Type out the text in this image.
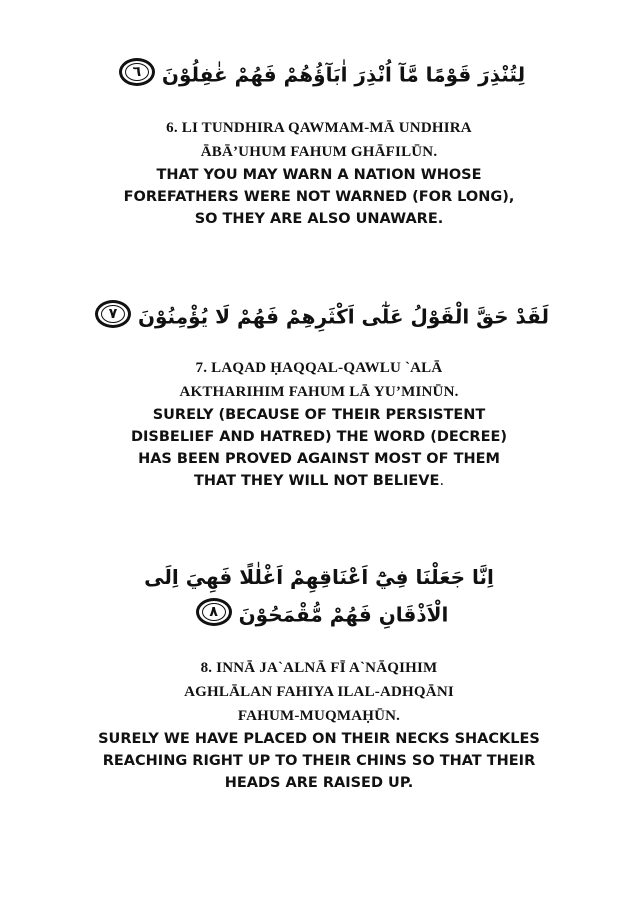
لِتُنْذِرَ قَوْمًا مَّآ اُنْذِرَ اٰبَآؤُهُمْ فَهُمْ غٰفِلُوْنَ ٦

6. LI TUNDHIRA QAWMAM-MĀ UNDHIRA

ĀBĀ’UHUM FAHUM GHĀFILŪN.

THAT YOU MAY WARN A NATION WHOSE

FOREFATHERS WERE NOT WARNED (FOR LONG),

SO THEY ARE ALSO UNAWARE.

لَقَدْ حَقَّ الْقَوْلُ عَلٰٓى اَكْثَرِهِمْ فَهُمْ لَا يُؤْمِنُوْنَ ٧

7. LAQAD ḤAQQAL-QAWLU `ALĀ

AKTHARIHIM FAHUM LĀ YU’MINŪN.

SURELY (BECAUSE OF THEIR PERSISTENT

DISBELIEF AND HATRED) THE WORD (DECREE)

HAS BEEN PROVED AGAINST MOST OF THEM

THAT THEY WILL NOT BELIEVE.

اِنَّا جَعَلْنَا فِيْٓ اَعْنَاقِهِمْ اَغْلٰلًا فَهِيَ اِلَى
الْاَذْقَانِ فَهُمْ مُّقْمَحُوْنَ ٨

8. INNĀ JA`ALNĀ FĪ A`NĀQIHIM

AGHLĀLAN FAHIYA ILAL-ADHQĀNI

FAHUM-MUQMAḤŪN.

SURELY WE HAVE PLACED ON THEIR NECKS SHACKLES

REACHING RIGHT UP TO THEIR CHINS SO THAT THEIR

HEADS ARE RAISED UP.
